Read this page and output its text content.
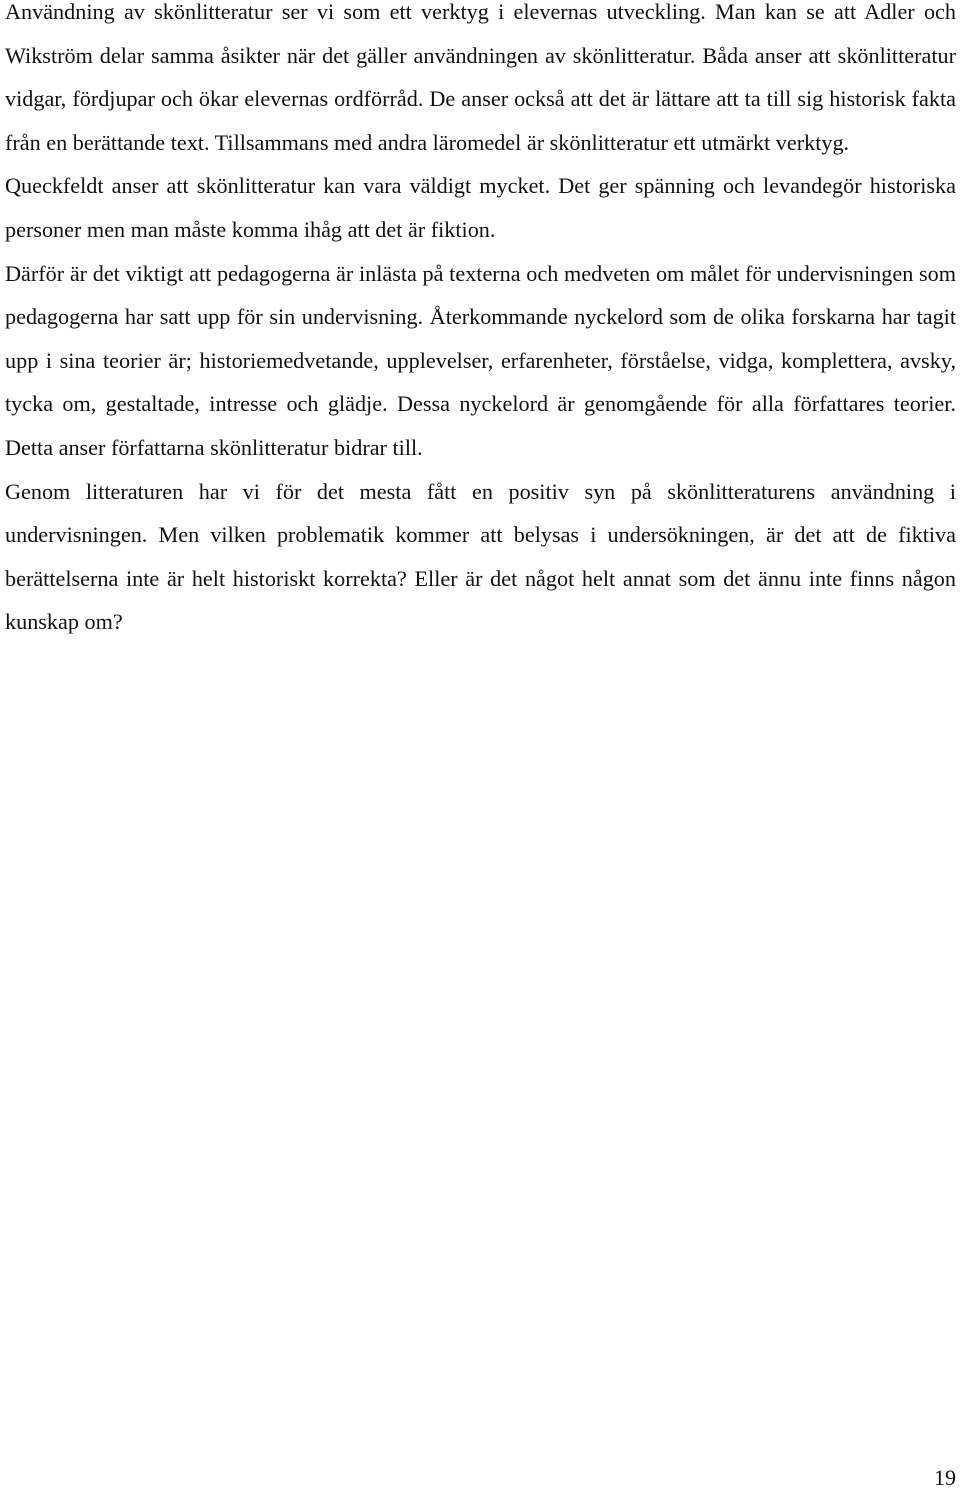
Användning av skönlitteratur ser vi som ett verktyg i elevernas utveckling. Man kan se att Adler och Wikström delar samma åsikter när det gäller användningen av skönlitteratur. Båda anser att skönlitteratur vidgar, fördjupar och ökar elevernas ordförråd. De anser också att det är lättare att ta till sig historisk fakta från en berättande text. Tillsammans med andra läromedel är skönlitteratur ett utmärkt verktyg.

Queckfeldt anser att skönlitteratur kan vara väldigt mycket. Det ger spänning och levandegör historiska personer men man måste komma ihåg att det är fiktion.

Därför är det viktigt att pedagogerna är inlästa på texterna och medveten om målet för undervisningen som pedagogerna har satt upp för sin undervisning. Återkommande nyckelord som de olika forskarna har tagit upp i sina teorier är; historiemedvetande, upplevelser, erfarenheter, förståelse, vidga, komplettera, avsky, tycka om, gestaltade, intresse och glädje. Dessa nyckelord är genomgående för alla författares teorier. Detta anser författarna skönlitteratur bidrar till.

Genom litteraturen har vi för det mesta fått en positiv syn på skönlitteraturens användning i undervisningen. Men vilken problematik kommer att belysas i undersökningen, är det att de fiktiva berättelserna inte är helt historiskt korrekta? Eller är det något helt annat som det ännu inte finns någon kunskap om?

19
